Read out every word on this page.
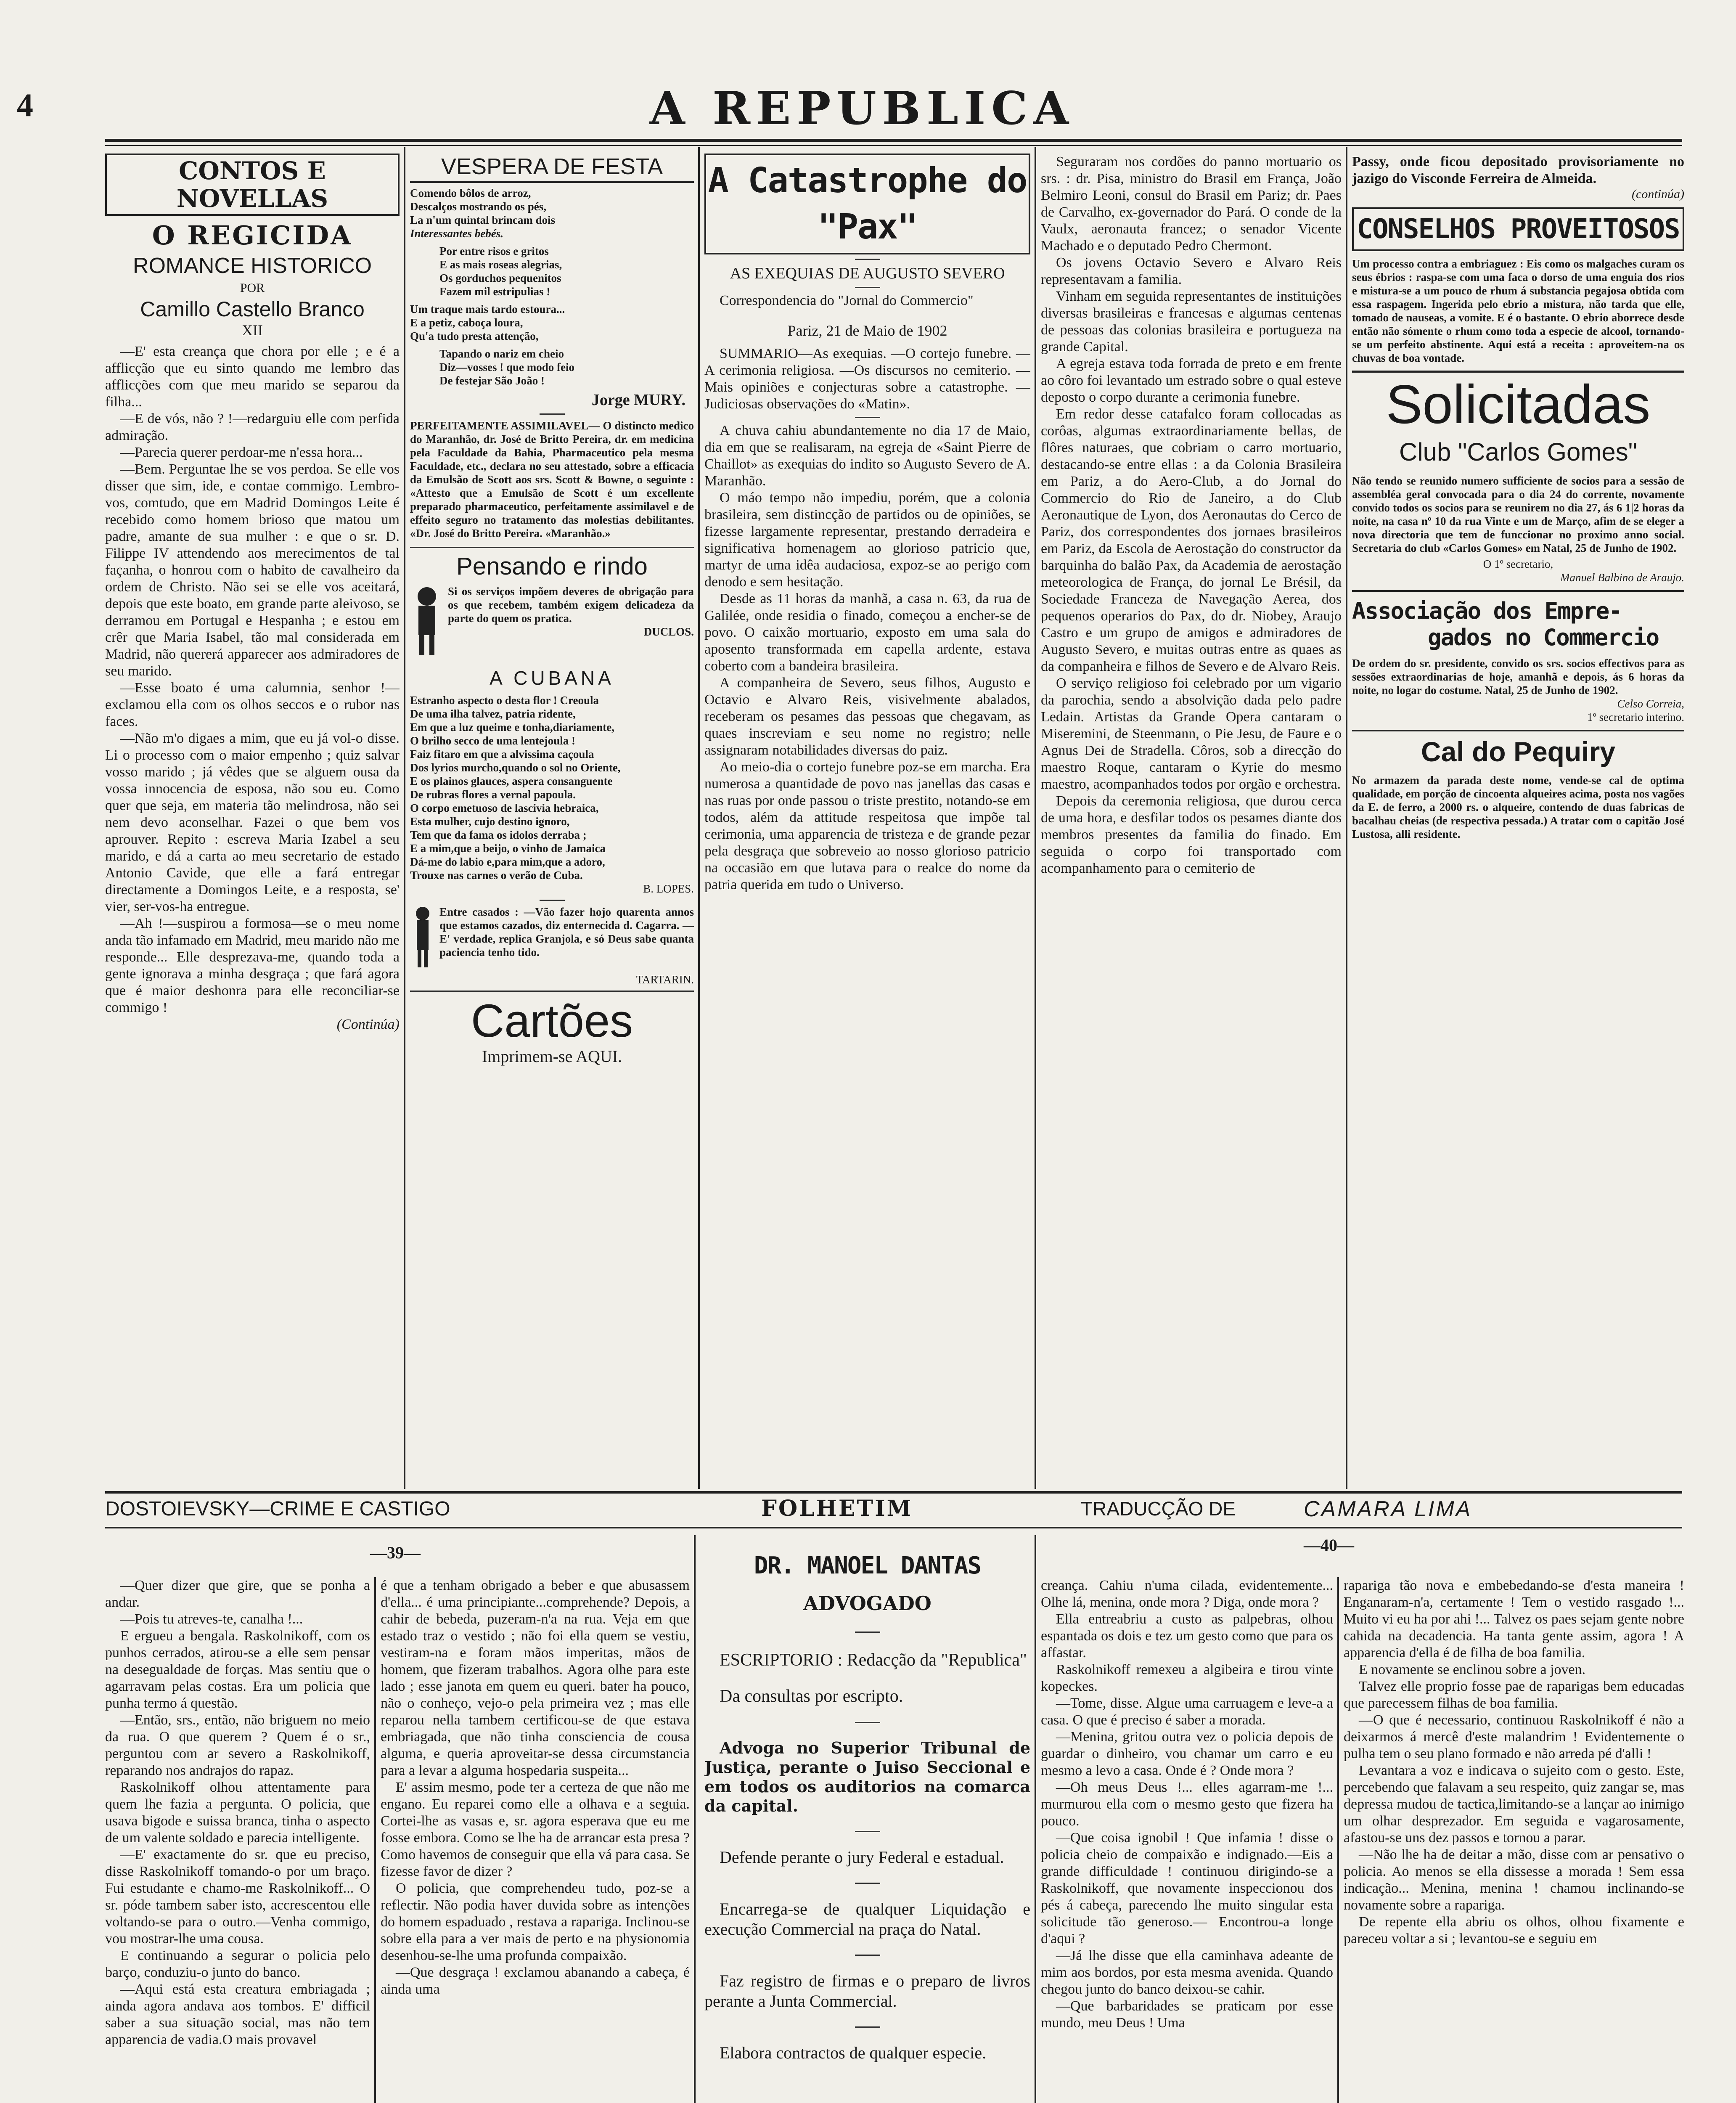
4	A REPUBLICA
CONTOS E NOVELLAS
O REGICIDA
ROMANCE HISTORICO
POR
Camillo Castello Branco
XII

—E' esta creança que chora por elle ; e é a afflicção que eu sinto quando me lembro das afflicções com que meu marido se separou da filha...

—E de vós, não ? !—redarguiu elle com perfida admiração.

—Parecia querer perdoar-me n'essa hora...

—Bem. Perguntae lhe se vos perdoa. Se elle vos disser que sim, ide, e contae commigo. Lembro-vos, comtudo, que em Madrid Domingos Leite é recebido como homem brioso que matou um padre, amante de sua mulher : e que o sr. D. Filippe IV attendendo aos merecimentos de tal façanha, o honrou com o habito de cavalheiro da ordem de Christo. Não sei se elle vos aceitará, depois que este boato, em grande parte aleivoso, se derramou em Portugal e Hespanha ; e estou em crêr que Maria Isabel, tão mal considerada em Madrid, não quererá apparecer aos admiradores de seu marido.

—Esse boato é uma calumnia, senhor !—exclamou ella com os olhos seccos e o rubor nas faces.

—Não m'o digaes a mim, que eu já vol-o disse. Li o processo com o maior empenho ; quiz salvar vosso marido ; já vêdes que se alguem ousa da vossa innocencia de esposa, não sou eu. Como quer que seja, em materia tão melindrosa, não sei nem devo aconselhar. Fazei o que bem vos aprouver. Repito : escreva Maria Izabel a seu marido, e dá a carta ao meu secretario de estado Antonio Cavide, que elle a fará entregar directamente a Domingos Leite, e a resposta, se' vier, ser-vos-ha entregue.

—Ah !—suspirou a formosa—se o meu nome anda tão infamado em Madrid, meu marido não me responde... Elle desprezava-me, quando toda a gente ignorava a minha desgraça ; que fará agora que é maior deshonra para elle reconciliar-se commigo !

(Continúa)

VESPERA DE FESTA
Comendo bôlos de arroz,
Descalços mostrando os pés,
La n'um quintal brincam dois
Interessantes bebés.
Por entre risos e gritos
E as mais roseas alegrias,
Os gorduchos pequenitos
Fazem mil estripulias !
Um traque mais tardo estoura...
E a petiz, caboça loura,
Qu'a tudo presta attenção,
Tapando o nariz em cheio
Diz—vosses ! que modo feio
De festejar São João !
Jorge MURY.
PERFEITAMENTE ASSIMILAVEL— O distincto medico do Maranhão, dr. José de Britto Pereira, dr. em medicina pela Faculdade da Bahia, Pharmaceutico pela mesma Faculdade, etc., declara no seu attestado, sobre a efficacia da Emulsão de Scott aos srs. Scott & Bowne, o seguinte : «Attesto que a Emulsão de Scott é um excellente preparado pharmaceutico, perfeitamente assimilavel e de effeito seguro no tratamento das molestias debilitantes. «Dr. José do Britto Pereira. «Maranhão.»
Pensando e rindo
Si os serviços impõem deveres de obrigação para os que recebem, também exigem delicadeza da parte do quem os pratica.
DUCLOS.
A CUBANA
Estranho aspecto o desta flor ! Creoula
De uma ilha talvez, patria ridente,
Em que a luz queime e tonha,diariamente,
O brilho secco de uma lentejoula !
Faiz fitaro em que a alvissima caçoula
Dos lyrios murcho,quando o sol no Oriente,
E os plainos glauces, aspera consanguente
De rubras flores a vernal papoula.
O corpo emetuoso de lascivia hebraica,
Esta mulher, cujo destino ignoro,
Tem que da fama os idolos derraba ;
E a mim,que a beijo, o vinho de Jamaica
Dá-me do labio e,para mim,que a adoro,
Trouxe nas carnes o verão de Cuba.
B. LOPES.
Entre casados : —Vão fazer hojo quarenta annos que estamos cazados, diz enternecida d. Cagarra. —E' verdade, replica Granjola, e só Deus sabe quanta paciencia tenho tido.
TARTARIN.
Cartões
Imprimem-se AQUI.
A Catastrophe do "Pax"
AS EXEQUIAS DE AUGUSTO SEVERO
Correspondencia do "Jornal do Commercio"
Pariz, 21 de Maio de 1902
SUMMARIO—As exequias. —O cortejo funebre. —A cerimonia religiosa. —Os discursos no cemiterio. —Mais opiniões e conjecturas sobre a catastrophe. —Judiciosas observações do «Matin».

A chuva cahiu abundantemente no dia 17 de Maio, dia em que se realisaram, na egreja de «Saint Pierre de Chaillot» as exequias do indito so Augusto Severo de A. Maranhão.

O máo tempo não impediu, porém, que a colonia brasileira, sem distincção de partidos ou de opiniões, se fizesse largamente representar, prestando derradeira e significativa homenagem ao glorioso patricio que, martyr de uma idêa audaciosa, expoz-se ao perigo com denodo e sem hesitação.

Desde as 11 horas da manhã, a casa n. 63, da rua de Galilée, onde residia o finado, começou a encher-se de povo. O caixão mortuario, exposto em uma sala do aposento transformada em capella ardente, estava coberto com a bandeira brasileira.

A companheira de Severo, seus filhos, Augusto e Octavio e Alvaro Reis, visivelmente abalados, receberam os pesames das pessoas que chegavam, as quaes inscreviam e seu nome no registro; nelle assignaram notabilidades diversas do paiz.

Ao meio-dia o cortejo funebre poz-se em marcha. Era numerosa a quantidade de povo nas janellas das casas e nas ruas por onde passou o triste prestito, notando-se em todos, além da attitude respeitosa que impõe tal cerimonia, uma apparencia de tristeza e de grande pezar pela desgraça que sobreveio ao nosso glorioso patricio na occasião em que lutava para o realce do nome da patria querida em tudo o Universo.

Seguraram nos cordões do panno mortuario os srs. : dr. Pisa, ministro do Brasil em França, João Belmiro Leoni, consul do Brasil em Pariz; dr. Paes de Carvalho, ex-governador do Pará. O conde de la Vaulx, aeronauta francez; o senador Vicente Machado e o deputado Pedro Chermont.

Os jovens Octavio Severo e Alvaro Reis representavam a familia.

Vinham em seguida representantes de instituições diversas brasileiras e francesas e algumas centenas de pessoas das colonias brasileira e portugueza na grande Capital.

A egreja estava toda forrada de preto e em frente ao côro foi levantado um estrado sobre o qual esteve deposto o corpo durante a cerimonia funebre.

Em redor desse catafalco foram collocadas as corôas, algumas extraordinariamente bellas, de flôres naturaes, que cobriam o carro mortuario, destacando-se entre ellas : a da Colonia Brasileira em Pariz, a do Aero-Club, a do Jornal do Commercio do Rio de Janeiro, a do Club Aeronautique de Lyon, dos Aeronautas do Cerco de Pariz, dos correspondentes dos jornaes brasileiros em Pariz, da Escola de Aerostação do constructor da barquinha do balão Pax, da Academia de aerostação meteorologica de França, do jornal Le Brésil, da Sociedade Franceza de Navegação Aerea, dos pequenos operarios do Pax, do dr. Niobey, Araujo Castro e um grupo de amigos e admiradores de Augusto Severo, e muitas outras entre as quaes as da companheira e filhos de Severo e de Alvaro Reis.

O serviço religioso foi celebrado por um vigario da parochia, sendo a absolvição dada pelo padre Ledain. Artistas da Grande Opera cantaram o Miseremini, de Steenmann, o Pie Jesu, de Faure e o Agnus Dei de Stradella. Côros, sob a direcção do maestro Roque, cantaram o Kyrie do mesmo maestro, acompanhados todos por orgão e orchestra.

Depois da ceremonia religiosa, que durou cerca de uma hora, e desfilar todos os pesames diante dos membros presentes da familia do finado. Em seguida o corpo foi transportado com acompanhamento para o cemiterio de

Passy, onde ficou depositado provisoriamente no jazigo do Visconde Ferreira de Almeida.
(continúa)
CONSELHOS PROVEITOSOS
Um processo contra a embriaguez : Eis como os malgaches curam os seus ébrios : raspa-se com uma faca o dorso de uma enguia dos rios e mistura-se a um pouco de rhum á substancia pegajosa obtida com essa raspagem. Ingerida pelo ebrio a mistura, não tarda que elle, tomado de nauseas, a vomite. E é o bastante. O ebrio aborrece desde então não sómente o rhum como toda a especie de alcool, tornando-se um perfeito abstinente. Aqui está a receita : aproveitem-na os chuvas de boa vontade.
Solicitadas
Club "Carlos Gomes"
Não tendo se reunido numero sufficiente de socios para a sessão de assembléa geral convocada para o dia 24 do corrente, novamente convido todos os socios para se reunirem no dia 27, ás 6 1|2 horas da noite, na casa nº 10 da rua Vinte e um de Março, afim de se eleger a nova directoria que tem de funccionar no proximo anno social. Secretaria do club «Carlos Gomes» em Natal, 25 de Junho de 1902.
O 1º secretario,
Manuel Balbino de Araujo.
Associação dos Empre-
gados no Commercio
De ordem do sr. presidente, convido os srs. socios effectivos para as sessões extraordinarias de hoje, amanhã e depois, ás 6 horas da noite, no logar do costume. Natal, 25 de Junho de 1902.
Celso Correia,
1º secretario interino.
Cal do Pequiry
No armazem da parada deste nome, vende-se cal de optima qualidade, em porção de cincoenta alqueires acima, posta nos vagões da E. de ferro, a 2000 rs. o alqueire, contendo de duas fabricas de bacalhau cheias (de respectiva pessada.) A tratar com o capitão José Lustosa, alli residente.
DOSTOIEVSKY—CRIME E CASTIGO	FOLHETIM	TRADUCÇÃO DE	CAMARA LIMA
—39—	—40—

—Quer dizer que gire, que se ponha a andar.

—Pois tu atreves-te, canalha !...

E ergueu a bengala. Raskolnikoff, com os punhos cerrados, atirou-se a elle sem pensar na desegualdade de forças. Mas sentiu que o agarravam pelas costas. Era um policia que punha termo á questão.

—Então, srs., então, não briguem no meio da rua. O que querem ? Quem é o sr., perguntou com ar severo a Raskolnikoff, reparando nos andrajos do rapaz.

Raskolnikoff olhou attentamente para quem lhe fazia a pergunta. O policia, que usava bigode e suissa branca, tinha o aspecto de um valente soldado e parecia intelligente.

—E' exactamente do sr. que eu preciso, disse Raskolnikoff tomando-o por um braço. Fui estudante e chamo-me Raskolnikoff... O sr. póde tambem saber isto, accrescentou elle voltando-se para o outro.—Venha commigo, vou mostrar-lhe uma cousa.

E continuando a segurar o policia pelo barço, conduziu-o junto do banco.

—Aqui está esta creatura embriagada ; ainda agora andava aos tombos. E' difficil saber a sua situação social, mas não tem apparencia de vadia.O mais provavel

é que a tenham obrigado a beber e que abusassem d'ella... é uma principiante...comprehende? Depois, a cahir de bebeda, puzeram-n'a na rua. Veja em que estado traz o vestido ; não foi ella quem se vestiu, vestiram-na e foram mãos imperitas, mãos de homem, que fizeram trabalhos. Agora olhe para este lado ; esse janota em quem eu queri. bater ha pouco, não o conheço, vejo-o pela primeira vez ; mas elle reparou nella tambem certificou-se de que estava embriagada, que não tinha consciencia de cousa alguma, e queria aproveitar-se dessa circumstancia para a levar a alguma hospedaria suspeita...

E' assim mesmo, pode ter a certeza de que não me engano. Eu reparei como elle a olhava e a seguia. Cortei-lhe as vasas e, sr. agora esperava que eu me fosse embora. Como se lhe ha de arrancar esta presa ? Como havemos de conseguir que ella vá para casa. Se fizesse favor de dizer ?

O policia, que comprehendeu tudo, poz-se a reflectir. Não podia haver duvida sobre as intenções do homem espaduado , restava a rapariga. Inclinou-se sobre ella para a ver mais de perto e na physionomia desenhou-se-lhe uma profunda compaixão.

—Que desgraça ! exclamou abanando a cabeça, é ainda uma

DR. MANOEL DANTAS
ADVOGADO
ESCRIPTORIO : Redacção da "Republica"
Da consultas por escripto.
Advoga no Superior Tribunal de Justiça, perante o Juiso Seccional e em todos os auditorios na comarca da capital.
Defende perante o jury Federal e estadual.
Encarrega-se de qualquer Liquidação e execução Commercial na praça do Natal.
Faz registro de firmas e o preparo de livros perante a Junta Commercial.
Elabora contractos de qualquer especie.

creança. Cahiu n'uma cilada, evidentemente... Olhe lá, menina, onde mora ? Diga, onde mora ?

Ella entreabriu a custo as palpebras, olhou espantada os dois e tez um gesto como que para os affastar.

Raskolnikoff remexeu a algibeira e tirou vinte kopeckes.

—Tome, disse. Algue uma carruagem e leve-a a casa. O que é preciso é saber a morada.

—Menina, gritou outra vez o policia depois de guardar o dinheiro, vou chamar um carro e eu mesmo a levo a casa. Onde é ? Onde mora ?

—Oh meus Deus !... elles agarram-me !... murmurou ella com o mesmo gesto que fizera ha pouco.

—Que coisa ignobil ! Que infamia ! disse o policia cheio de compaixão e indignado.—Eis a grande difficuldade ! continuou dirigindo-se a Raskolnikoff, que novamente inspeccionou dos pés á cabeça, parecendo lhe muito singular esta solicitude tão generoso.— Encontrou-a longe d'aqui ?

—Já lhe disse que ella caminhava adeante de mim aos bordos, por esta mesma avenida. Quando chegou junto do banco deixou-se cahir.

—Que barbaridades se praticam por esse mundo, meu Deus ! Uma

rapariga tão nova e embebedando-se d'esta maneira ! Enganaram-n'a, certamente ! Tem o vestido rasgado !... Muito vi eu ha por ahi !... Talvez os paes sejam gente nobre cahida na decadencia. Ha tanta gente assim, agora ! A apparencia d'ella é de filha de boa familia.

E novamente se enclinou sobre a joven.

Talvez elle proprio fosse pae de raparigas bem educadas que parecessem filhas de boa familia.

—O que é necessario, continuou Raskolnikoff é não a deixarmos á mercê d'este malandrim ! Evidentemente o pulha tem o seu plano formado e não arreda pé d'alli !

Levantara a voz e indicava o sujeito com o gesto. Este, percebendo que falavam a seu respeito, quiz zangar se, mas depressa mudou de tactica,limitando-se a lançar ao inimigo um olhar desprezador. Em seguida e vagarosamente, afastou-se uns dez passos e tornou a parar.

—Não lhe ha de deitar a mão, disse com ar pensativo o policia. Ao menos se ella dissesse a morada ! Sem essa indicação... Menina, menina ! chamou inclinando-se novamente sobre a rapariga.

De repente ella abriu os olhos, olhou fixamente e pareceu voltar a si ; levantou-se e seguiu em
